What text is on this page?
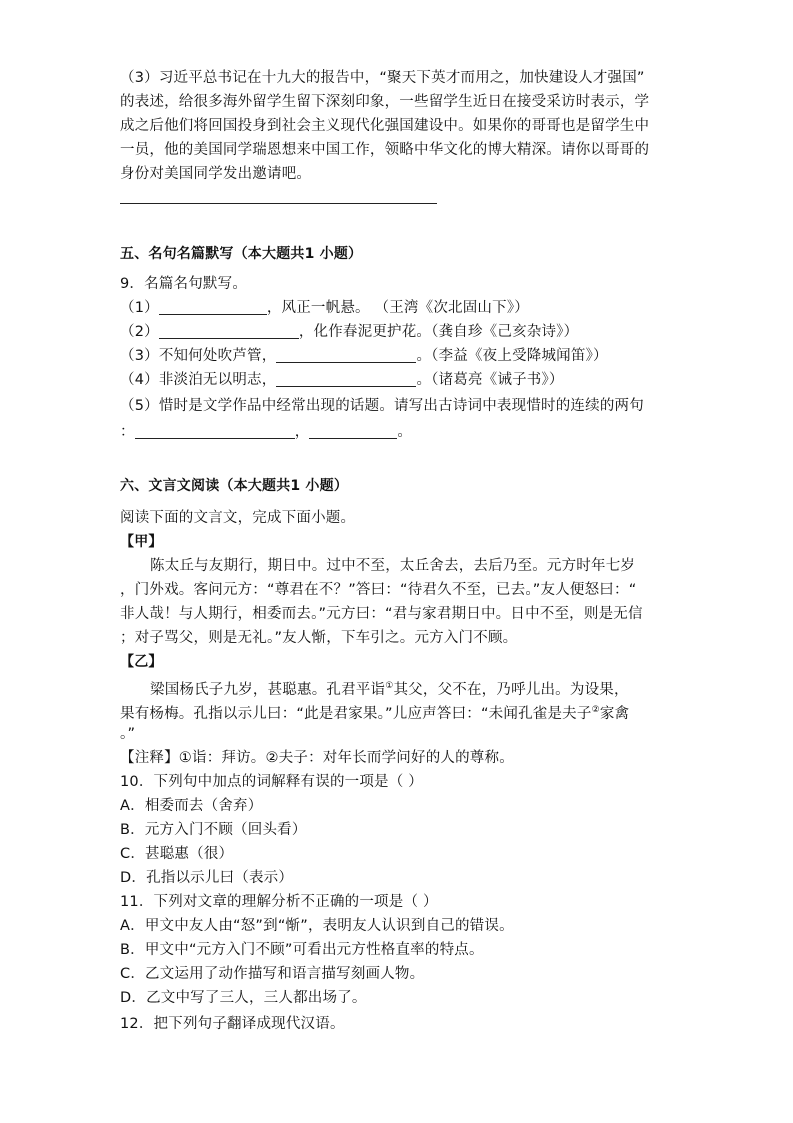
（3）习近平总书记在十九大的报告中，“聚天下英才而用之，加快建设人才强国”
的表述，给很多海外留学生留下深刻印象，一些留学生近日在接受采访时表示，学
成之后他们将回国投身到社会主义现代化强国建设中。如果你的哥哥也是留学生中
一员，他的美国同学瑞恩想来中国工作，领略中华文化的博大精深。请你以哥哥的
身份对美国同学发出邀请吧。
五、名句名篇默写（本大题共1 小题）
9．名篇名句默写。
（1）	，风正一帆悬。 （王湾《次北固山下》）
（2）	，化作春泥更护花。（龚自珍《己亥杂诗》）
（3）不知何处吹芦管，	。（李益《夜上受降城闻笛》）
（4）非淡泊无以明志，	。（诸葛亮《诫子书》）
（5）惜时是文学作品中经常出现的话题。请写出古诗词中表现惜时的连续的两句
：	，	。
六、文言文阅读（本大题共1 小题）
阅读下面的文言文，完成下面小题。
【甲】
陈太丘与友期行，期日中。过中不至，太丘舍去，去后乃至。元方时年七岁
，门外戏。客问元方：“尊君在不？”答曰：“待君久不至，已去。”友人便怒曰：“
非人哉！与人期行，相委而去。”元方曰：“君与家君期日中。日中不至，则是无信
；对子骂父，则是无礼。”友人惭，下车引之。元方入门不顾。
【乙】
梁国杨氏子九岁，甚聪惠。孔君平诣①其父，父不在，乃呼儿出。为设果，
果有杨梅。孔指以示儿曰：“此是君家果。”儿应声答曰：“未闻孔雀是夫子②家禽
。”
【注释】①诣：拜访。②夫子：对年长而学问好的人的尊称。
10．下列句中加点的词解释有误的一项是（ ）
A．相委而去（舍弃）
B．元方入门不顾（回头看）
C．甚聪惠（很）
D．孔指以示儿曰（表示）
11．下列对文章的理解分析不正确的一项是（ ）
A．甲文中友人由“怒”到“惭”，表明友人认识到自己的错误。
B．甲文中“元方入门不顾”可看出元方性格直率的特点。
C．乙文运用了动作描写和语言描写刻画人物。
D．乙文中写了三人，三人都出场了。
12．把下列句子翻译成现代汉语。
